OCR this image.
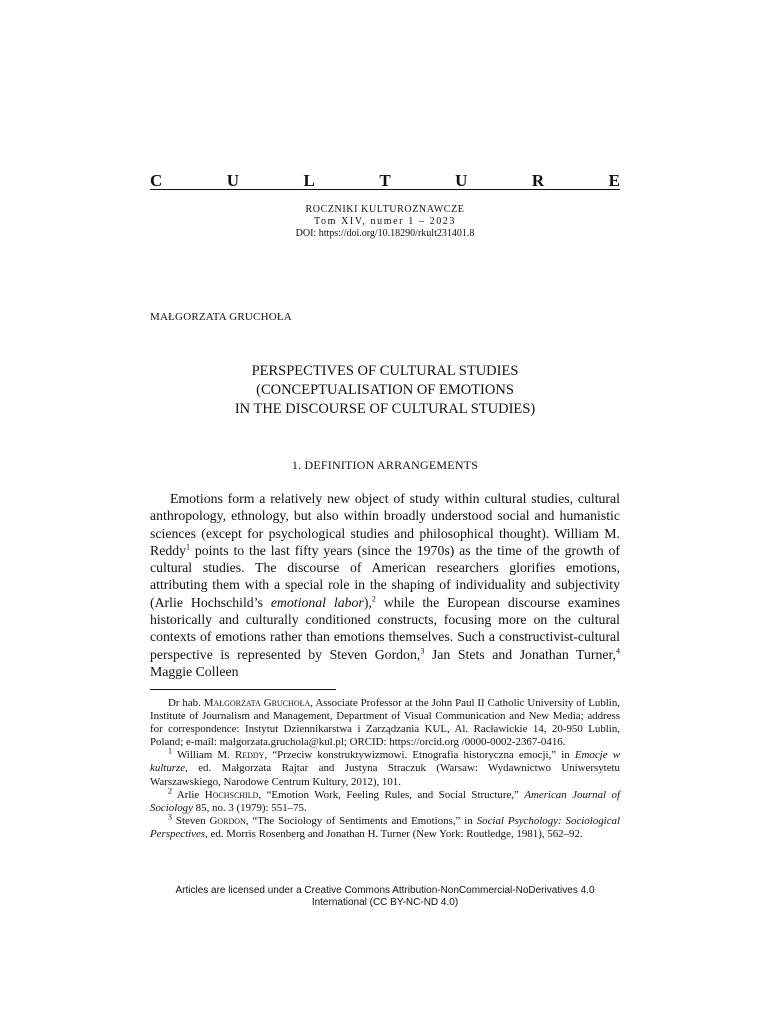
C	U	L	T	U	R	E
ROCZNIKI KULTUROZNAWCZE
Tom XIV, numer 1 – 2023
DOI: https://doi.org/10.18290/rkult231401.8
MAŁGORZATA GRUCHOŁA
PERSPECTIVES OF CULTURAL STUDIES
(CONCEPTUALISATION OF EMOTIONS
IN THE DISCOURSE OF CULTURAL STUDIES)
1. DEFINITION ARRANGEMENTS

Emotions form a relatively new object of study within cultural studies, cultural anthropology, ethnology, but also within broadly understood social and humanistic sciences (except for psychological studies and philosophical thought). William M. Reddy$^1$ points to the last fifty years (since the 1970s) as the time of the growth of cultural studies. The discourse of American researchers glorifies emotions, attributing them with a special role in the shaping of individuality and subjectivity (Arlie Hochschild’s emotional labor),$^2$ while the European discourse examines historically and culturally conditioned constructs, focusing more on the cultural contexts of emotions rather than emotions themselves. Such a constructivist-cultural perspective is represented by Steven Gordon,$^3$ Jan Stets and Jonathan Turner,$^4$ Maggie Colleen

Dr hab. Małgorzata Gruchoła, Associate Professor at the John Paul II Catholic University of Lublin, Institute of Journalism and Management, Department of Visual Communication and New Media; address for correspondence: Instytut Dziennikarstwa i Zarządzania KUL, Al. Racławickie 14, 20-950 Lublin, Poland; e-mail: malgorzata.gruchola@kul.pl; ORCID: https://orcid.org /0000-0002-2367-0416.

$^1$ William M. Reddy, “Przeciw konstruktywizmowi. Etnografia historyczna emocji,” in Emocje w kulturze, ed. Małgorzata Rajtar and Justyna Straczuk (Warsaw: Wydawnictwo Uniwersytetu Warszawskiego, Narodowe Centrum Kultury, 2012), 101.

$^2$ Arlie Hochschild, “Emotion Work, Feeling Rules, and Social Structure,” American Journal of Sociology 85, no. 3 (1979): 551–75.

$^3$ Steven Gordon, “The Sociology of Sentiments and Emotions,” in Social Psychology: Sociological Perspectives, ed. Morris Rosenberg and Jonathan H. Turner (New York: Routledge, 1981), 562–92.

Articles are licensed under a Creative Commons Attribution-NonCommercial-NoDerivatives 4.0
International (CC BY-NC-ND 4.0)
